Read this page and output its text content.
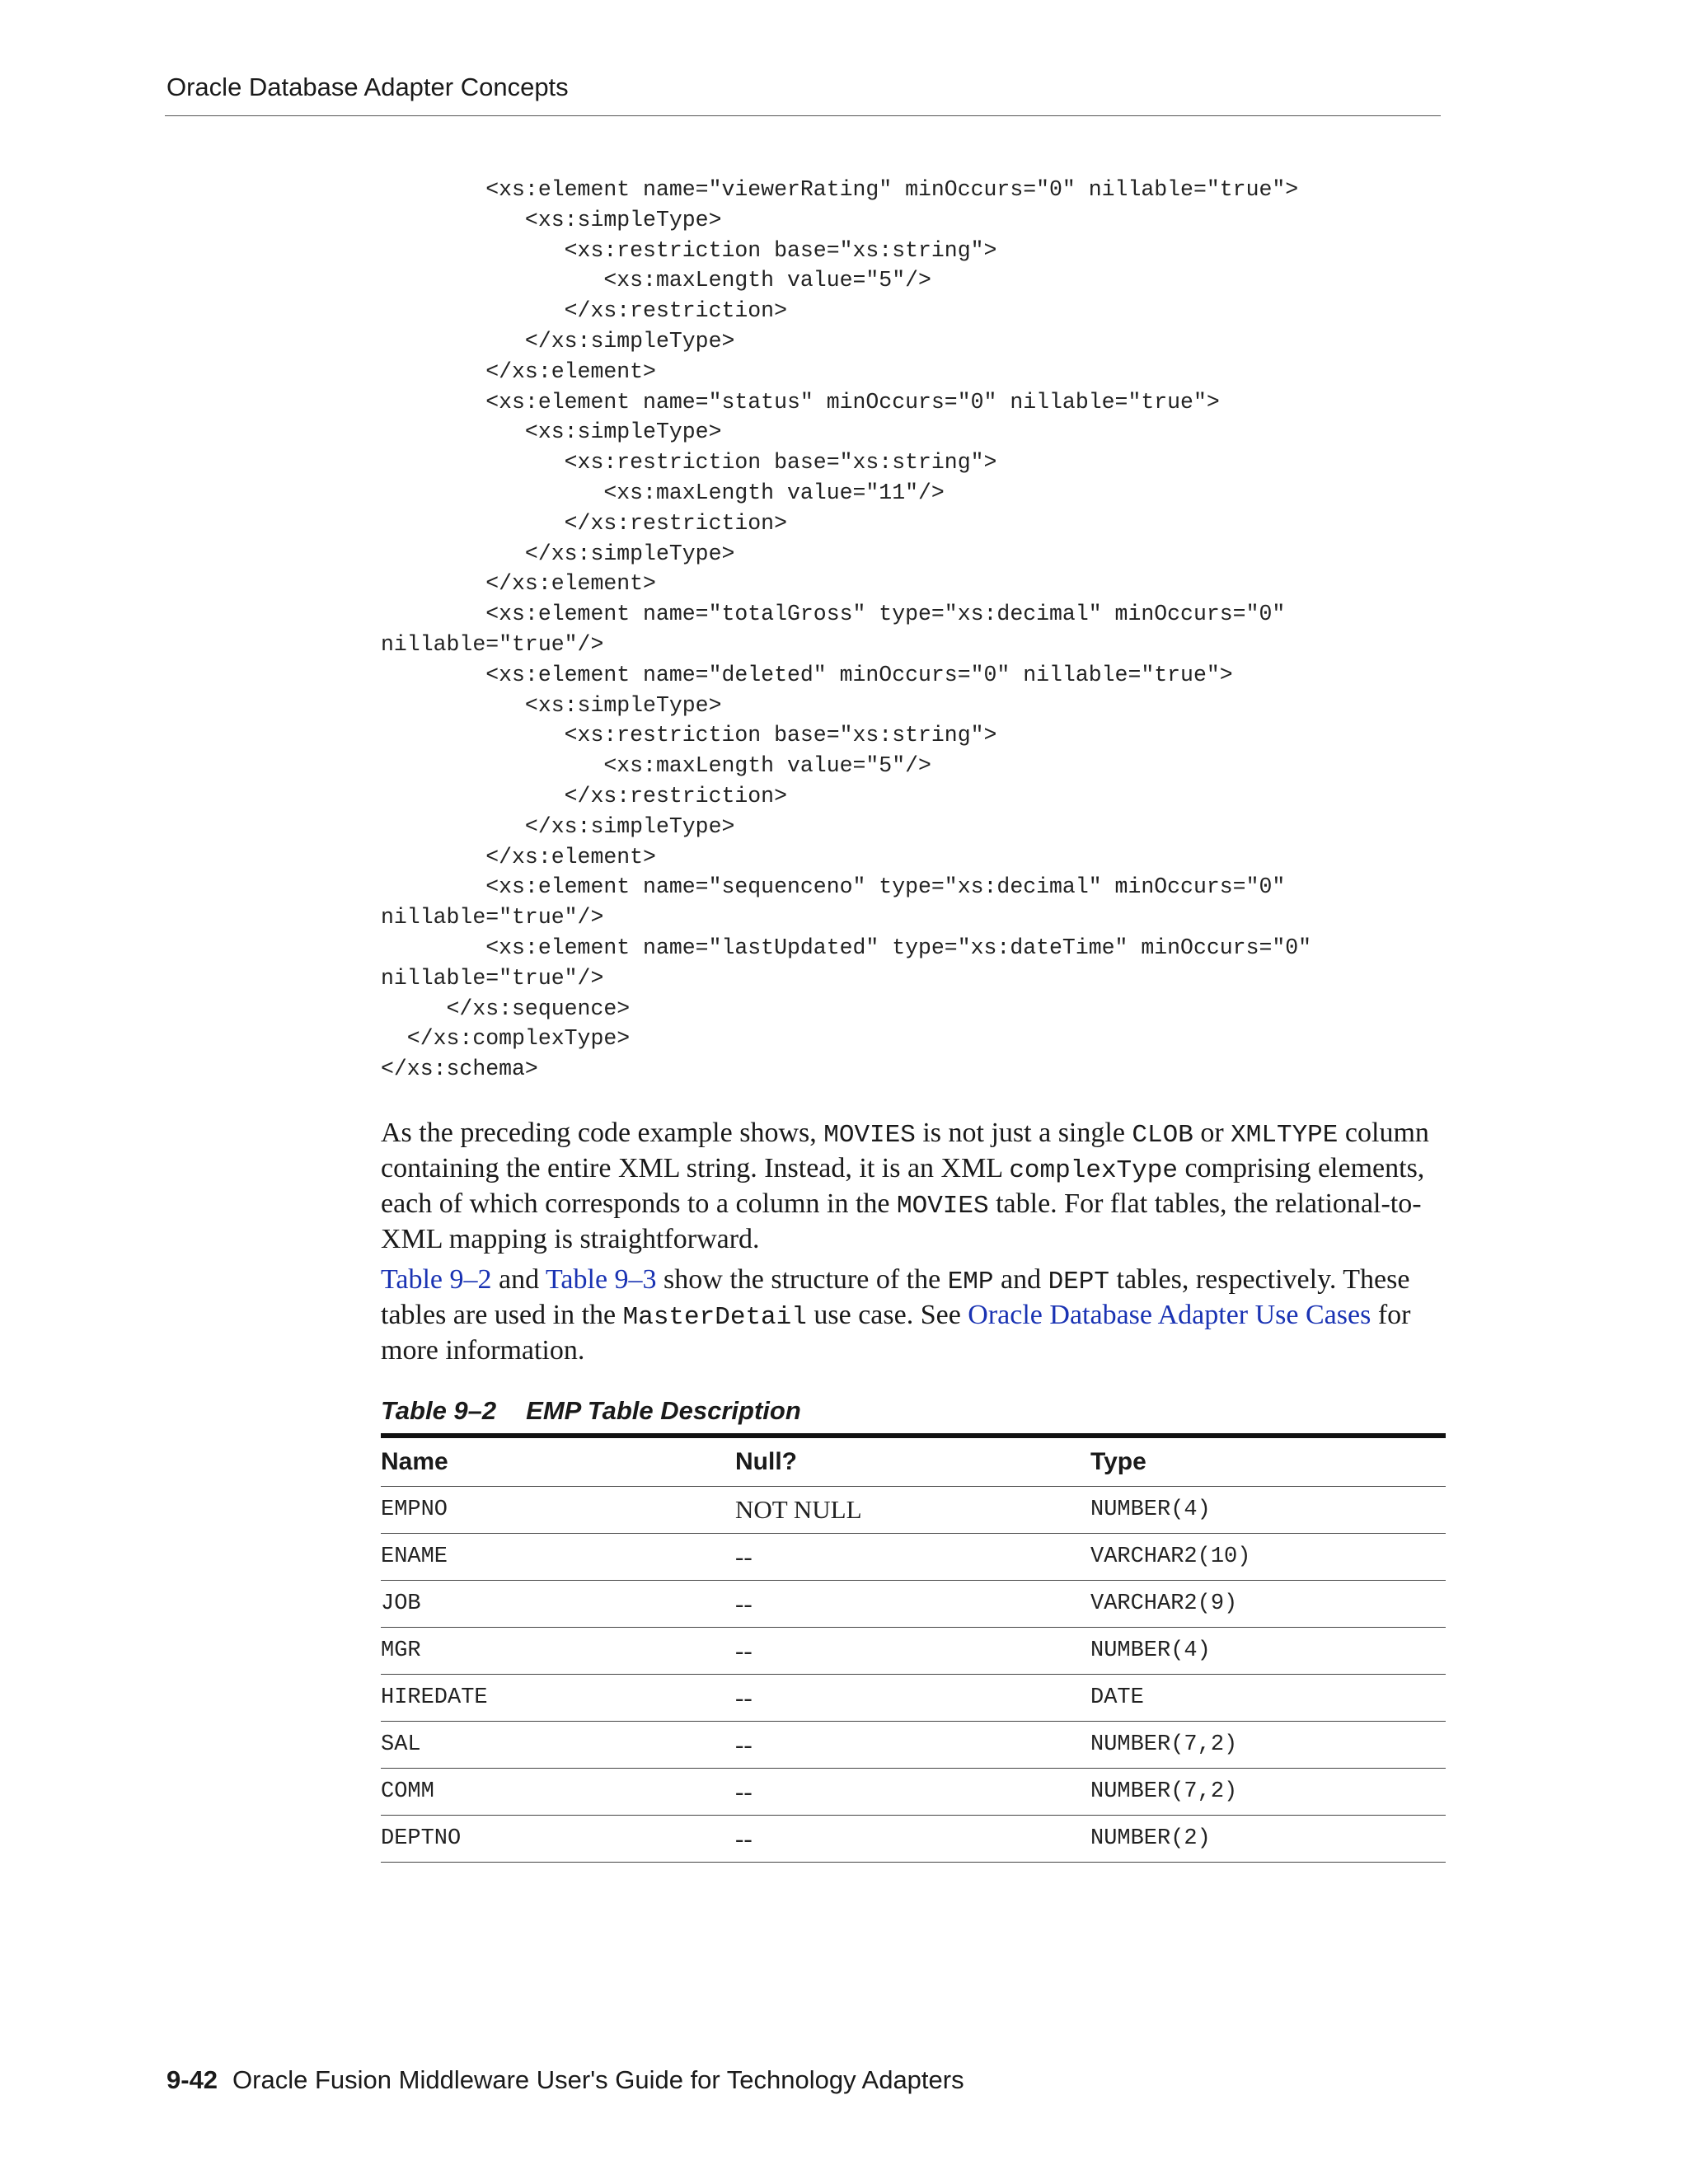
Oracle Database Adapter Concepts
<xs:element name="viewerRating" minOccurs="0" nillable="true">
<xs:simpleType>
<xs:restriction base="xs:string">
<xs:maxLength value="5"/>
</xs:restriction>
</xs:simpleType>
</xs:element>
<xs:element name="status" minOccurs="0" nillable="true">
<xs:simpleType>
<xs:restriction base="xs:string">
<xs:maxLength value="11"/>
</xs:restriction>
</xs:simpleType>
</xs:element>
<xs:element name="totalGross" type="xs:decimal" minOccurs="0"
nillable="true"/>
<xs:element name="deleted" minOccurs="0" nillable="true">
<xs:simpleType>
<xs:restriction base="xs:string">
<xs:maxLength value="5"/>
</xs:restriction>
</xs:simpleType>
</xs:element>
<xs:element name="sequenceno" type="xs:decimal" minOccurs="0"
nillable="true"/>
<xs:element name="lastUpdated" type="xs:dateTime" minOccurs="0"
nillable="true"/>
</xs:sequence>
</xs:complexType>
</xs:schema>

As the preceding code example shows, MOVIES is not just a single CLOB or XMLTYPE column containing the entire XML string. Instead, it is an XML complexType comprising elements, each of which corresponds to a column in the MOVIES table. For flat tables, the relational-to-XML mapping is straightforward.

Table 9–2 and Table 9–3 show the structure of the EMP and DEPT tables, respectively. These tables are used in the MasterDetail use case. See Oracle Database Adapter Use Cases for more information.

Table 9–2 EMP Table Description
Name	Null?	Type
EMPNO	NOT NULL	NUMBER(4)
ENAME	--	VARCHAR2(10)
JOB	--	VARCHAR2(9)
MGR	--	NUMBER(4)
HIREDATE	--	DATE
SAL	--	NUMBER(7,2)
COMM	--	NUMBER(7,2)
DEPTNO	--	NUMBER(2)
9-42 Oracle Fusion Middleware User's Guide for Technology Adapters
